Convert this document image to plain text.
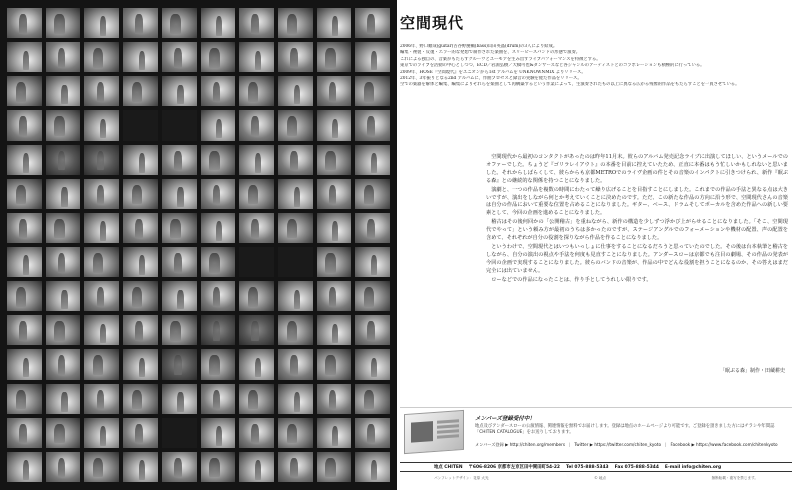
空間現代

2006年、野口順哉(guitar)古谷野慶輔(bass)山田英晶(drum)の3人により結成。

編集・複製・反復・エラー的な発想で制作された楽曲を、スリーピースバンドの形態で演奏。

これによる独自の、音楽がもたらすグルーヴとユーモアを生み出すライブパフォーマンスを特徴とする。

東京でのライブを活動の中心としつつ、ECD／岩淵弘樹／大橋可也&ダンサーズなど各ジャンルのアーティストとのコラボレーションも積極的に行っている。

2009年、HOSE『空間現代』をユニオンから1st アルバムを UNKNOWNMIX よりリリース。

2012年、3年振りとなる2nd アルバムに、作曲プロセスと録音の実験を経た作品をリリース。

空での楽器を解体と編集、編集によりそれらを楽曲として再構築するという作業によって、生演奏されたもの以上に異なる広がる残像的作品をもたらすことを一貫させている。

　空間現代から最初のコンタクトがあったのは昨年11月末。彼らのアルバム発売記念ライブに出演してほしい、というメールでのオファーでした。ちょうど『ゴリラレイアウト』の本番を目前に控えていたため、正直に本番はもう忙しいかもしれないと思いました。それからしばらくして、彼らからも京都METROでのライヴ企画の件とその音楽のインパクトに引きつけられ、新作『眠ぶる森』との継続的な関係を持つことになりました。

　演劇と、一つの作品を複数の時間にわたって繰り広げることを目指すことにしました。これまでの作品の手法と異なる点は大きいですが、演出をしながら何とか考えていくことに決めたのです。ただ、この新たな作品の方向に沿う形で、空間現代さんの音楽は自分の作品において重要な位置を占めることになりました。ギター、ベース、ドラムそしてボーカルを含めた作品への新しい要素として、今回の企画を進めることになりました。

　稽古はその後何回かの「公開稽古」を重ねながら、新作の構造を少しずつ浮かび上がらせることになりました。「そこ、空間現代でやって」という頼み方が最初のうちは多かったのですが、ステージアングルでのフォーメーションや機材の配置、声の配置を含めて、それぞれが自分の役割を探りながら作品を作ることになりました。

　というわけで、空間現代とはいつもいっしょに仕事をすることになるだろうと思っていたのでした。その後は台本執筆と稽古をしながら、自分の演出の視点や手法を何度も見直すことになりました。アンダースローは京都でも注目の劇場、その作品の発表が今回の企画で実現することになりました。彼らのバンドの音楽が、作品の中でどんな役割を担うことになるのか、その答えはまだ完全には出ていません。

　ローなどでの作品になったことは、作り手としてうれしい限りです。

「眠ぶる森」制作・田蔵耕史
メンバーズ登録受付中！
地点及びアンダースローの公演情報、関連情報を無料でお届けします。登録は地点のホームページより可能です。ご登録を頂きました方にはチラシや年間誌「CHITEN CATALOGUE」をお送りしております。
メンバーズ登録 ▶ http://chiten.org/members | Twitter ▶ https://twitter.com/chiten_kyoto | Facebook ▶ https://www.facebook.com/chitenkyoto
地点 CHITEN 〒606-8206 京都市左京区田中関田町54-22 Tel 075-888-5343 Fax 075-888-5344 E-mail info@chiten.org
パンフレットデザイン：花原 大光	© 地点	無断転載・複写を禁じます。
